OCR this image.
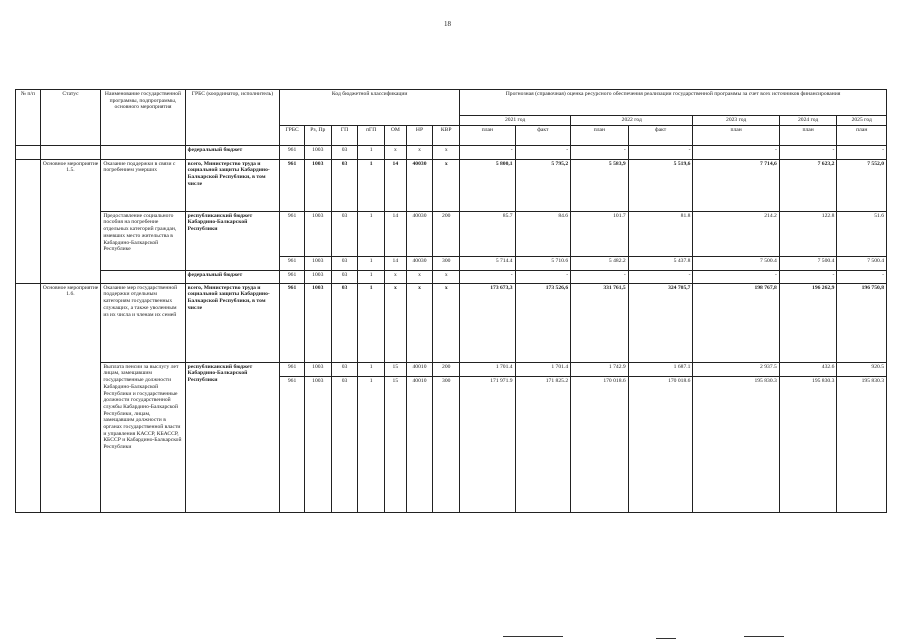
18
№ п/п	Статус	Наименование государственной программы, подпрограммы, основного мероприятия	ГРБС (координатор, исполнитель)	Код бюджетной классификации							Прогнозная (справочная) оценка ресурсного обеспечения реализации государственной программы за счет всех источников финансирования						
											2021 год		2022 год		2023 год	2024 год	2025 год
				ГРБС	Рз, Пр	ГП	пГП	ОМ	НР	КВР	план	факт	план	факт	план	план	план
			федеральный бюджет	961	1003	03	1	х	х	х	-	-	-	-	-	-	-
	Основное мероприятие 1.5.	Оказание поддержки в связи с погребением умерших	всего, Министерство труда и социальной защиты Кабардино-Балкарской Республики, в том числе	961	1003	03	1	14	40030	х	5 800,1	5 795,2	5 583,9	5 519,6	7 714,6	7 623,2	7 552,0
		Предоставление социального пособия на погребение отдельных категорий граждан, имевших место жительства в Кабардино-Балкарской Республике	республиканский бюджет Кабардино-Балкарской Республики	961	1003	03	1	14	40030	200	85.7	84.6	101.7	81.8	214.2	122.8	51.6
				961	1003	03	1	14	40030	300	5 714.4	5 710.6	5 482.2	5 437.8	7 500.4	7 500.4	7 500.4
			федеральный бюджет	961	1003	03	1	х	х	х	-	-	-	-	-	-	-
	Основное мероприятие 1.6.	Оказание мер государственной поддержки отдельным категориям государственных служащих, а также уволенным из их числа и членам их семей	всего, Министерство труда и социальной защиты Кабардино-Балкарской Республики, в том числе	961	1003	03	1	х	х	х	173 673,3	173 526,6	331 761,5	324 705,7	198 767,8	196 262,9	196 750,8
		Выплата пенсии за выслугу лет лицам, замещавшим государственные должности Кабардино-Балкарской Республики и государственные должности государственной службы Кабардино-Балкарской Республики, лицам, замещавшим должности в органах государственной власти и управления КАССР, КБАССР, КБССР и Кабардино-Балкарской Республики	республиканский бюджет Кабардино-Балкарской Республики	961	1003	03	1	15	40010	200	1 701.4	1 701.4	1 742.9	1 687.1	2 937.5	432.6	920.5
				961	1003	03	1	15	40010	300	171 971.9	171 825.2	170 018.6	170 018.6	195 830.3	195 830.3	195 830.3
